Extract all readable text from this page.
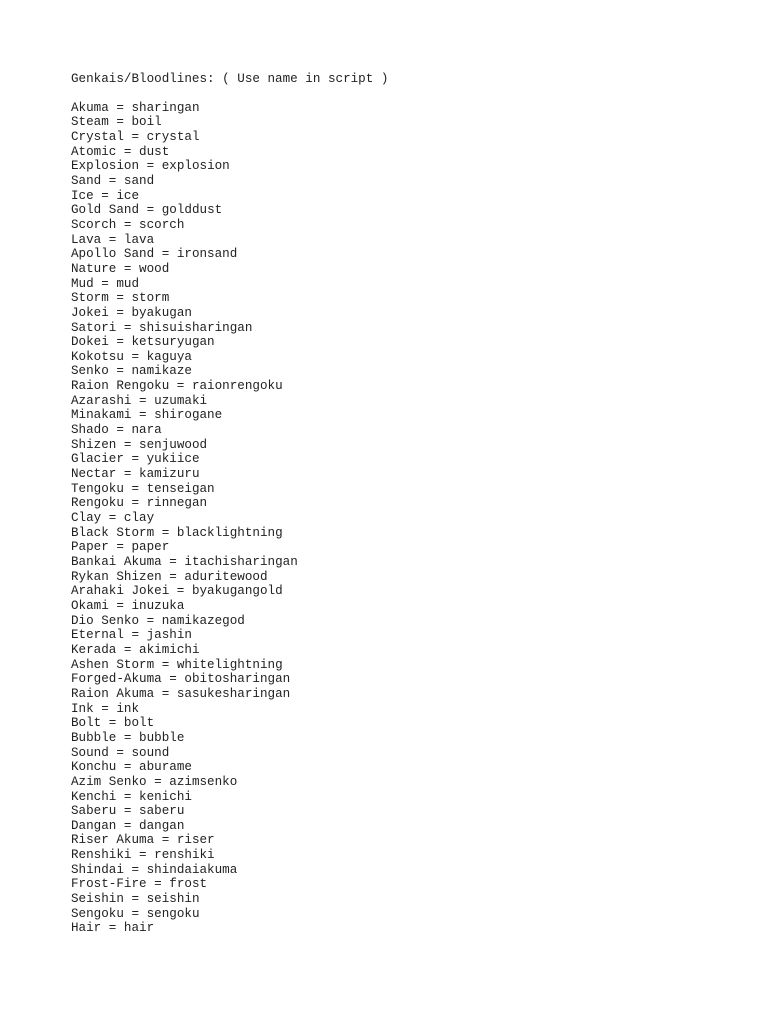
Genkais/Bloodlines: ( Use name in script )
Akuma = sharingan
Steam = boil
Crystal = crystal
Atomic = dust
Explosion = explosion
Sand = sand
Ice = ice
Gold Sand = golddust
Scorch = scorch
Lava = lava
Apollo Sand = ironsand
Nature = wood
Mud = mud
Storm = storm
Jokei = byakugan
Satori = shisuisharingan
Dokei = ketsuryugan
Kokotsu = kaguya
Senko = namikaze
Raion Rengoku = raionrengoku
Azarashi = uzumaki
Minakami = shirogane
Shado = nara
Shizen = senjuwood
Glacier = yukiice
Nectar = kamizuru
Tengoku = tenseigan
Rengoku = rinnegan
Clay = clay
Black Storm = blacklightning
Paper = paper
Bankai Akuma = itachisharingan
Rykan Shizen = aduritewood
Arahaki Jokei = byakugangold
Okami = inuzuka
Dio Senko = namikazegod
Eternal = jashin
Kerada = akimichi
Ashen Storm = whitelightning
Forged-Akuma = obitosharingan
Raion Akuma = sasukesharingan
Ink = ink
Bolt = bolt
Bubble = bubble
Sound = sound
Konchu = aburame
Azim Senko = azimsenko
Kenchi = kenichi
Saberu = saberu
Dangan = dangan
Riser Akuma = riser
Renshiki = renshiki
Shindai = shindaiakuma
Frost-Fire = frost
Seishin = seishin
Sengoku = sengoku
Hair = hair
